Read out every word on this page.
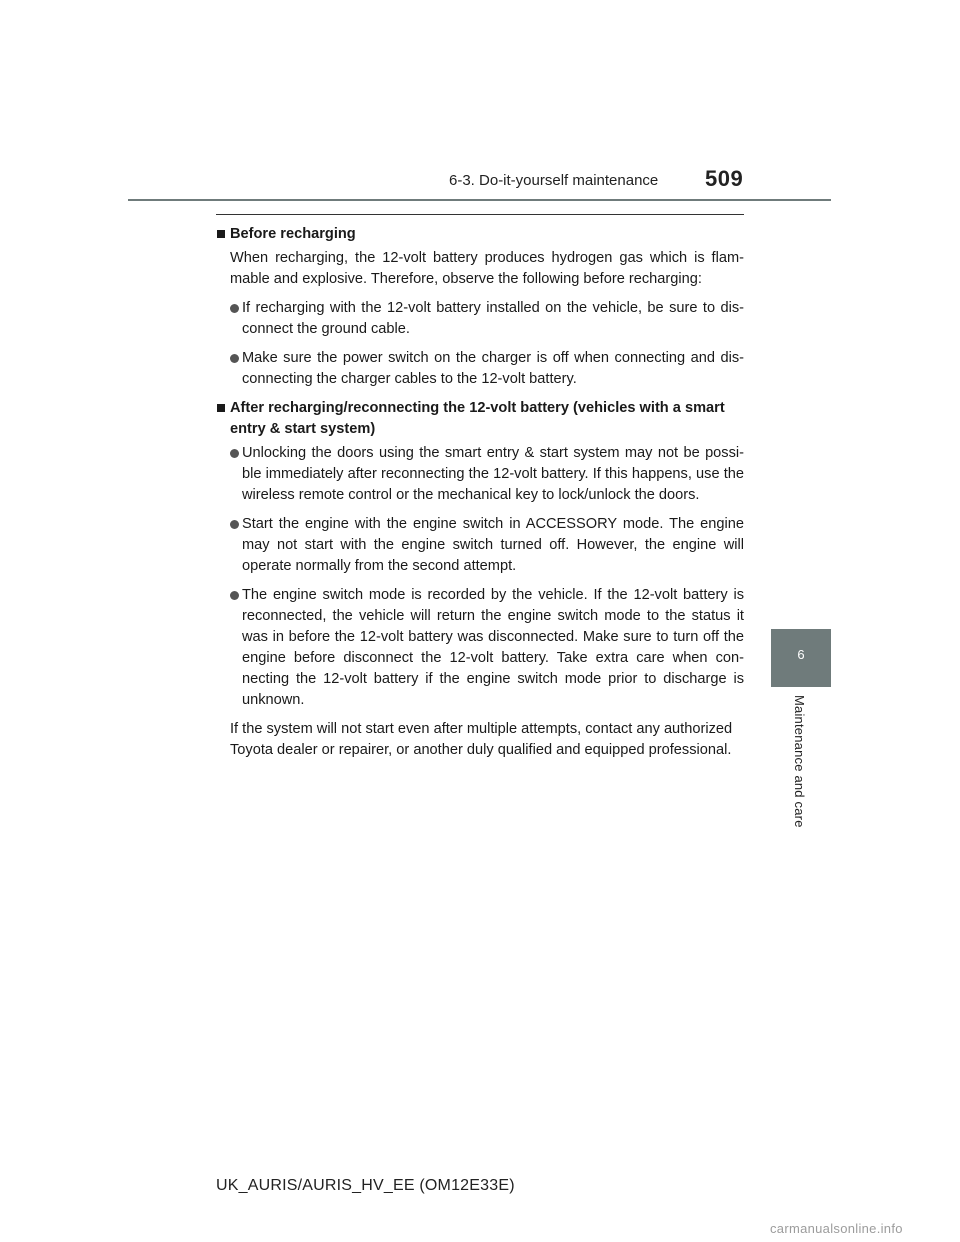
6-3. Do-it-yourself maintenance 509
6
Maintenance and care
Before recharging

When recharging, the 12-volt battery produces hydrogen gas which is flam-mable and explosive. Therefore, observe the following before recharging:

If recharging with the 12-volt battery installed on the vehicle, be sure to dis-connect the ground cable.
Make sure the power switch on the charger is off when connecting and dis-connecting the charger cables to the 12-volt battery.
After recharging/reconnecting the 12-volt battery (vehicles with a smart entry & start system)
Unlocking the doors using the smart entry & start system may not be possi-ble immediately after reconnecting the 12-volt battery. If this happens, use the wireless remote control or the mechanical key to lock/unlock the doors.
Start the engine with the engine switch in ACCESSORY mode. The engine may not start with the engine switch turned off. However, the engine will operate normally from the second attempt.
The engine switch mode is recorded by the vehicle. If the 12-volt battery is reconnected, the vehicle will return the engine switch mode to the status it was in before the 12-volt battery was disconnected. Make sure to turn off the engine before disconnect the 12-volt battery. Take extra care when con-necting the 12-volt battery if the engine switch mode prior to discharge is unknown.

If the system will not start even after multiple attempts, contact any authorized Toyota dealer or repairer, or another duly qualified and equipped professional.

UK_AURIS/AURIS_HV_EE (OM12E33E)
carmanualsonline.info
